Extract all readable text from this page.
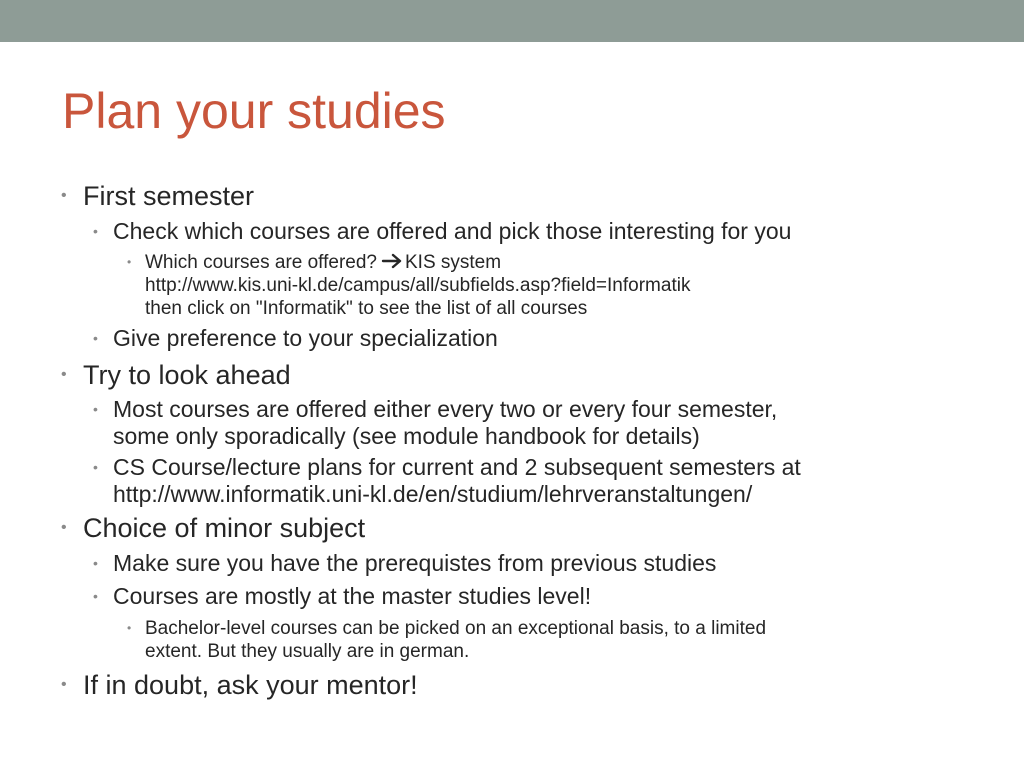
Plan your studies
• First semester
• Check which courses are offered and pick those interesting for you
• Which courses are offered? KIS system
http://www.kis.uni-kl.de/campus/all/subfields.asp?field=Informatik
then click on "Informatik" to see the list of all courses
• Give preference to your specialization
• Try to look ahead
• Most courses are offered either every two or every four semester,
some only sporadically (see module handbook for details)
• CS Course/lecture plans for current and 2 subsequent semesters at
http://www.informatik.uni-kl.de/en/studium/lehrveranstaltungen/
• Choice of minor subject
• Make sure you have the prerequistes from previous studies
• Courses are mostly at the master studies level!
• Bachelor-level courses can be picked on an exceptional basis, to a limited
extent. But they usually are in german.
• If in doubt, ask your mentor!
